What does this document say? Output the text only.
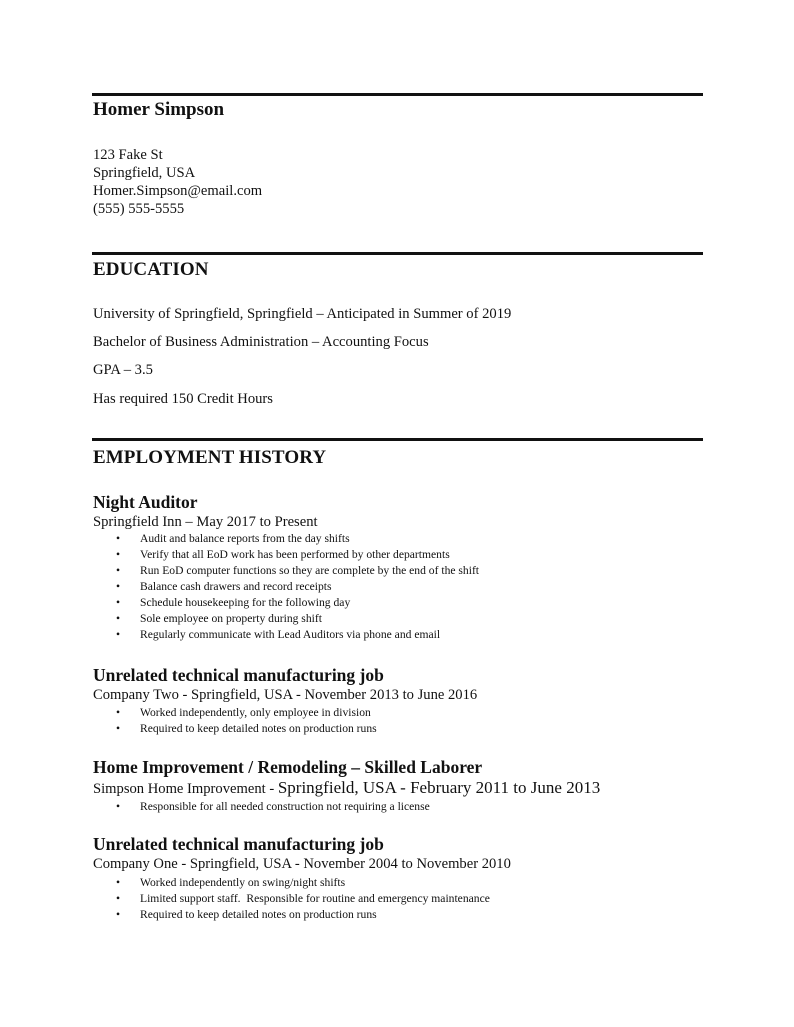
Homer Simpson
123 Fake St
Springfield, USA
Homer.Simpson@email.com
(555) 555-5555
EDUCATION
University of Springfield, Springfield – Anticipated in Summer of 2019
Bachelor of Business Administration – Accounting Focus
GPA – 3.5
Has required 150 Credit Hours
EMPLOYMENT HISTORY
Night Auditor
Springfield Inn – May 2017 to Present
• Audit and balance reports from the day shifts
• Verify that all EoD work has been performed by other departments
• Run EoD computer functions so they are complete by the end of the shift
• Balance cash drawers and record receipts
• Schedule housekeeping for the following day
• Sole employee on property during shift
• Regularly communicate with Lead Auditors via phone and email
Unrelated technical manufacturing job
Company Two - Springfield, USA - November 2013 to June 2016
• Worked independently, only employee in division
• Required to keep detailed notes on production runs
Home Improvement / Remodeling – Skilled Laborer
Simpson Home Improvement - Springfield, USA - February 2011 to June 2013
• Responsible for all needed construction not requiring a license
Unrelated technical manufacturing job
Company One - Springfield, USA - November 2004 to November 2010
• Worked independently on swing/night shifts
• Limited support staff.  Responsible for routine and emergency maintenance
• Required to keep detailed notes on production runs
